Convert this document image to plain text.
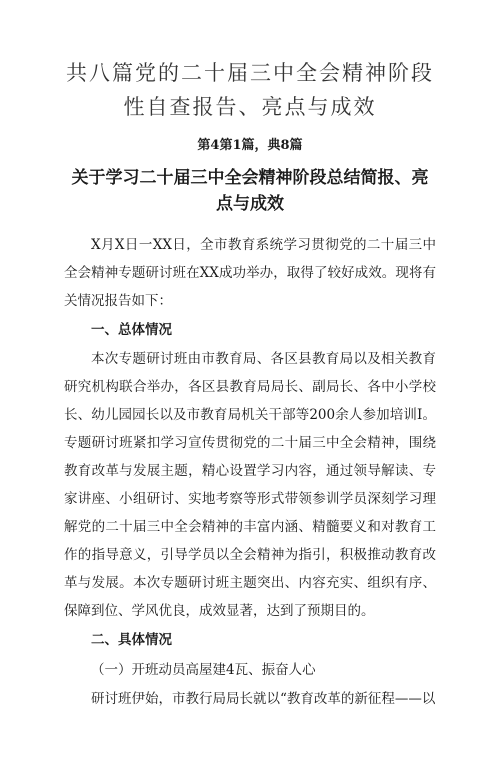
共八篇党的二十届三中全会精神阶段性自查报告、亮点与成效
第4第1篇，典8篇
关于学习二十届三中全会精神阶段总结简报、亮点与成效

X月X日一XX日，全市教育系统学习贯彻党的二十届三中全会精神专题研讨班在XX成功举办，取得了较好成效。现将有关情况报告如下：

一、总体情况

本次专题研讨班由市教育局、各区县教育局以及相关教育研究机构联合举办，各区县教育局局长、副局长、各中小学校长、幼儿园园长以及市教育局机关干部等200余人参加培训I。专题研讨班紧扣学习宣传贯彻党的二十届三中全会精神，围绕教育改革与发展主题，精心设置学习内容，通过领导解读、专家讲座、小组研讨、实地考察等形式带领参训学员深刻学习理解党的二十届三中全会精神的丰富内涵、精髓要义和对教育工作的指导意义，引导学员以全会精神为指引，积极推动教育改革与发展。本次专题研讨班主题突出、内容充实、组织有序、保障到位、学风优良，成效显著，达到了预期目的。

二、具体情况

（一）开班动员高屋建4瓦、振奋人心

研讨班伊始，市教行局局长就以“教育改革的新征程——以
